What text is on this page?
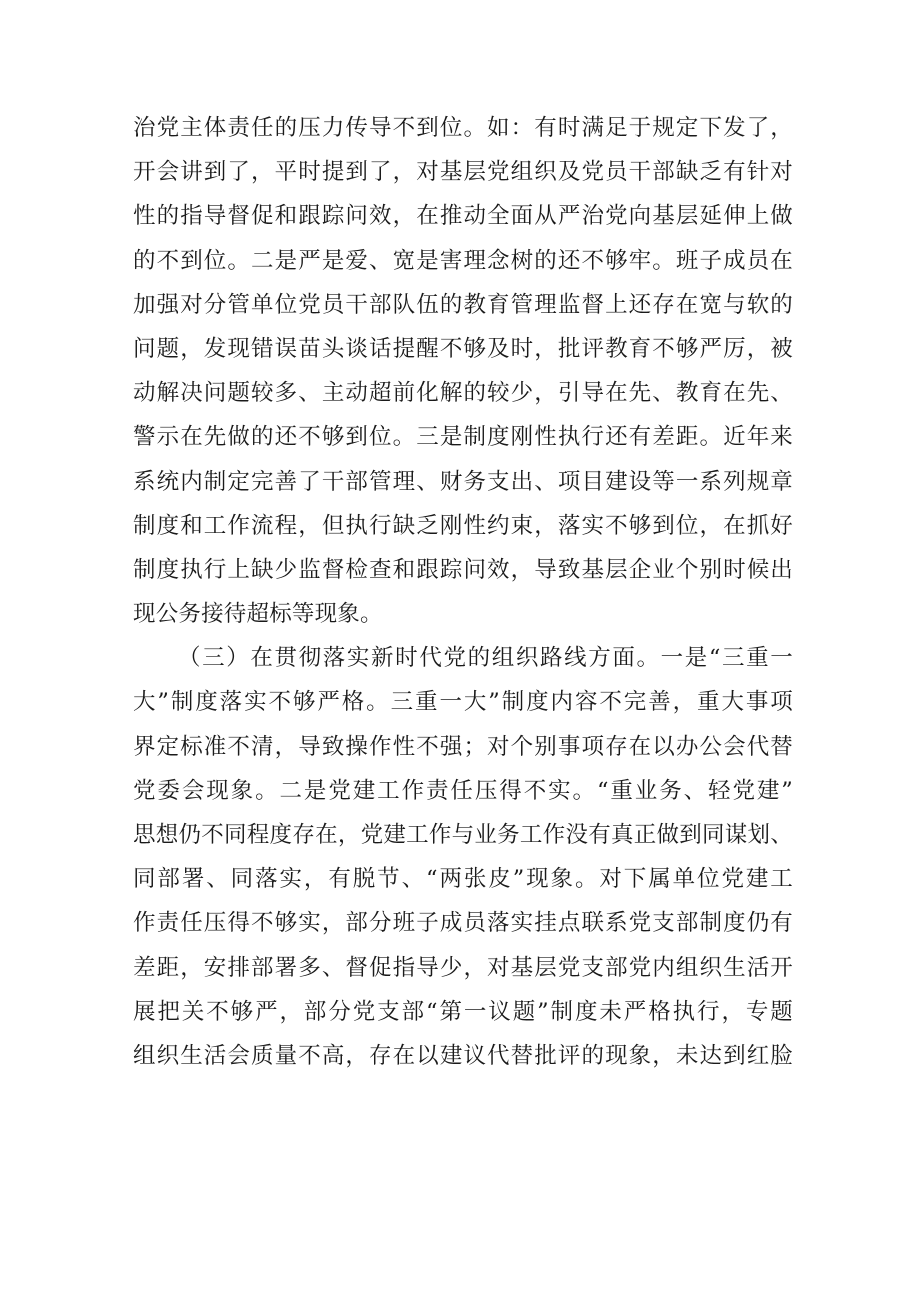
治党主体责任的压力传导不到位。如：有时满足于规定下发了，
开会讲到了，平时提到了，对基层党组织及党员干部缺乏有针对
性的指导督促和跟踪问效，在推动全面从严治党向基层延伸上做
的不到位。二是严是爱、宽是害理念树的还不够牢。班子成员在
加强对分管单位党员干部队伍的教育管理监督上还存在宽与软的
问题，发现错误苗头谈话提醒不够及时，批评教育不够严厉，被
动解决问题较多、主动超前化解的较少，引导在先、教育在先、
警示在先做的还不够到位。三是制度刚性执行还有差距。近年来
系统内制定完善了干部管理、财务支出、项目建设等一系列规章
制度和工作流程，但执行缺乏刚性约束，落实不够到位，在抓好
制度执行上缺少监督检查和跟踪问效，导致基层企业个别时候出
现公务接待超标等现象。
（三）在贯彻落实新时代党的组织路线方面。一是“三重一
大”制度落实不够严格。三重一大”制度内容不完善，重大事项
界定标准不清，导致操作性不强；对个别事项存在以办公会代替
党委会现象。二是党建工作责任压得不实。“重业务、轻党建”
思想仍不同程度存在，党建工作与业务工作没有真正做到同谋划、
同部署、同落实，有脱节、“两张皮”现象。对下属单位党建工
作责任压得不够实，部分班子成员落实挂点联系党支部制度仍有
差距，安排部署多、督促指导少，对基层党支部党内组织生活开
展把关不够严，部分党支部“第一议题”制度未严格执行，专题
组织生活会质量不高，存在以建议代替批评的现象，未达到红脸
